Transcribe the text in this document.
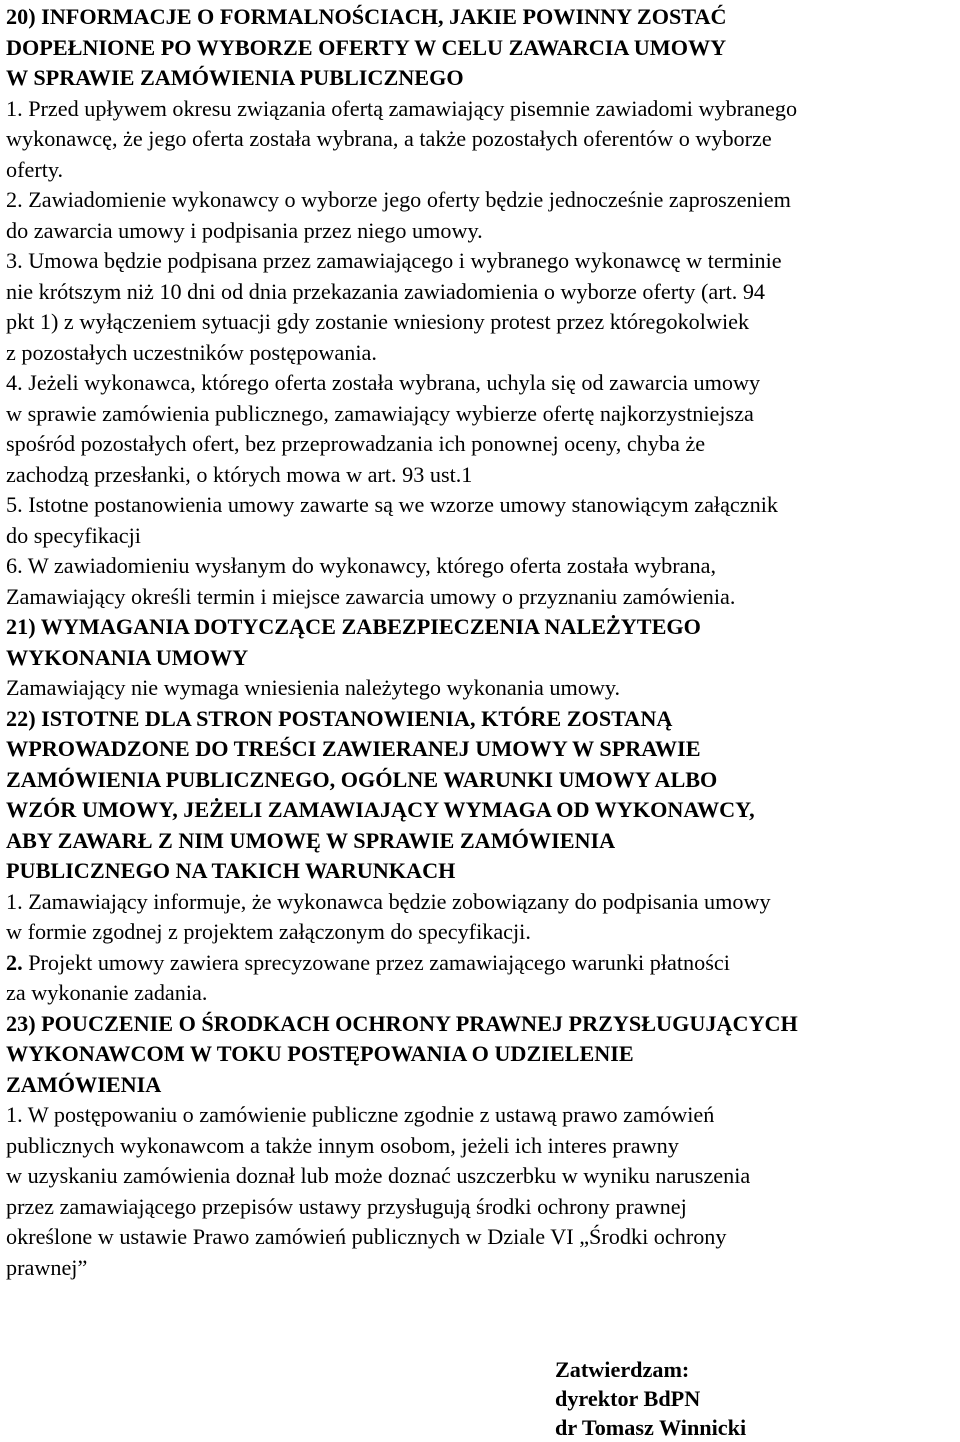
20) INFORMACJE O FORMALNOŚCIACH, JAKIE POWINNY ZOSTAĆ
DOPEŁNIONE PO WYBORZE OFERTY W CELU ZAWARCIA UMOWY
W SPRAWIE ZAMÓWIENIA PUBLICZNEGO
1. Przed upływem okresu związania ofertą zamawiający pisemnie zawiadomi wybranego
wykonawcę, że jego oferta została wybrana, a także pozostałych oferentów o wyborze
oferty.
2. Zawiadomienie wykonawcy o wyborze jego oferty będzie jednocześnie zaproszeniem
do zawarcia umowy i podpisania przez niego umowy.
3. Umowa będzie podpisana przez zamawiającego i wybranego wykonawcę w terminie
nie krótszym niż 10 dni od dnia przekazania zawiadomienia o wyborze oferty (art. 94
pkt 1) z wyłączeniem sytuacji gdy zostanie wniesiony protest przez któregokolwiek
z pozostałych uczestników postępowania.
4. Jeżeli wykonawca, którego oferta została wybrana, uchyla się od zawarcia umowy
w sprawie zamówienia publicznego, zamawiający wybierze ofertę najkorzystniejsza
spośród pozostałych ofert, bez przeprowadzania ich ponownej oceny, chyba że
zachodzą przesłanki, o których mowa w art. 93 ust.1
5. Istotne postanowienia umowy zawarte są we wzorze umowy stanowiącym załącznik
do specyfikacji
6. W zawiadomieniu wysłanym do wykonawcy, którego oferta została wybrana,
Zamawiający określi termin i miejsce zawarcia umowy o przyznaniu zamówienia.
21) WYMAGANIA DOTYCZĄCE ZABEZPIECZENIA NALEŻYTEGO
WYKONANIA UMOWY
Zamawiający nie wymaga wniesienia należytego wykonania umowy.
22) ISTOTNE DLA STRON POSTANOWIENIA, KTÓRE ZOSTANĄ
WPROWADZONE DO TREŚCI ZAWIERANEJ UMOWY W SPRAWIE
ZAMÓWIENIA PUBLICZNEGO, OGÓLNE WARUNKI UMOWY ALBO
WZÓR UMOWY, JEŻELI ZAMAWIAJĄCY WYMAGA OD WYKONAWCY,
ABY ZAWARŁ Z NIM UMOWĘ W SPRAWIE ZAMÓWIENIA
PUBLICZNEGO NA TAKICH WARUNKACH
1. Zamawiający informuje, że wykonawca będzie zobowiązany do podpisania umowy
w formie zgodnej z projektem załączonym do specyfikacji.
2. Projekt umowy zawiera sprecyzowane przez zamawiającego warunki płatności
za wykonanie zadania.
23) POUCZENIE O ŚRODKACH OCHRONY PRAWNEJ PRZYSŁUGUJĄCYCH
WYKONAWCOM W TOKU POSTĘPOWANIA O UDZIELENIE
ZAMÓWIENIA
1. W postępowaniu o zamówienie publiczne zgodnie z ustawą prawo zamówień
publicznych wykonawcom a także innym osobom, jeżeli ich interes prawny
w uzyskaniu zamówienia doznał lub może doznać uszczerbku w wyniku naruszenia
przez zamawiającego przepisów ustawy przysługują środki ochrony prawnej
określone w ustawie Prawo zamówień publicznych w Dziale VI „Środki ochrony
prawnej”
Zatwierdzam:
dyrektor BdPN
dr Tomasz Winnicki
